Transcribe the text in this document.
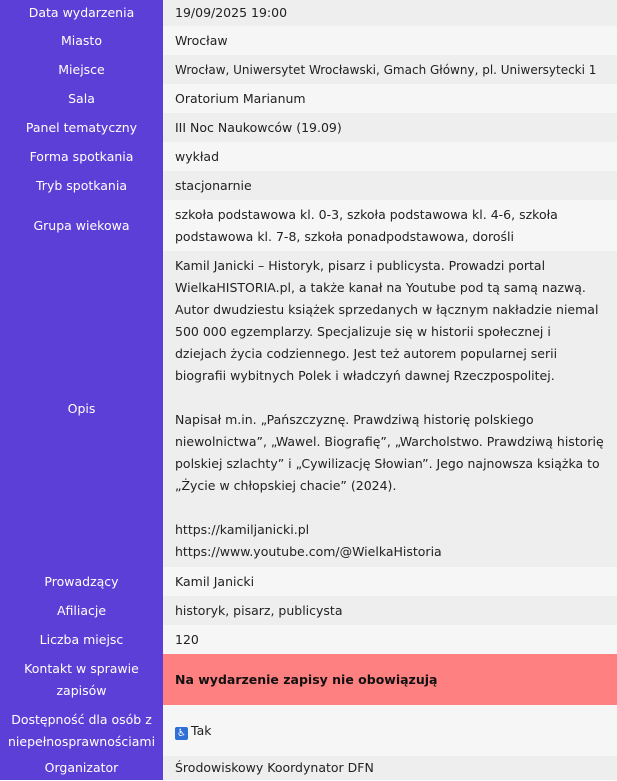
Data wydarzenia	19/09/2025 19:00
Miasto	Wrocław
Miejsce	Wrocław, Uniwersytet Wrocławski, Gmach Główny, pl. Uniwersytecki 1
Sala	Oratorium Marianum
Panel tematyczny	III Noc Naukowców (19.09)
Forma spotkania	wykład
Tryb spotkania	stacjonarnie
Grupa wiekowa	szkoła podstawowa kl. 0-3, szkoła podstawowa kl. 4-6, szkoła podstawowa kl. 7-8, szkoła ponadpodstawowa, dorośli
Opis	Kamil Janicki – Historyk, pisarz i publicysta. Prowadzi portal WielkaHISTORIA.pl, a także kanał na Youtube pod tą samą nazwą. Autor dwudziestu książek sprzedanych w łącznym nakładzie niemal 500 000 egzemplarzy. Specjalizuje się w historii społecznej i dziejach życia codziennego. Jest też autorem popularnej serii biografii wybitnych Polek i władczyń dawnej Rzeczpospolitej.

Napisał m.in. „Pańszczyznę. Prawdziwą historię polskiego niewolnictwa”, „Wawel. Biografię”, „Warcholstwo. Prawdziwą historię polskiej szlachty” i „Cywilizację Słowian”. Jego najnowsza książka to „Życie w chłopskiej chacie” (2024).

https://kamiljanicki.pl

https://www.youtube.com/@WielkaHistoria

Prowadzący	Kamil Janicki
Afiliacje	historyk, pisarz, publicysta
Liczba miejsc	120
Kontakt w sprawie zapisów	Na wydarzenie zapisy nie obowiązują
Dostępność dla osób z niepełnosprawnościami	♿ Tak
Organizator	Środowiskowy Koordynator DFN
